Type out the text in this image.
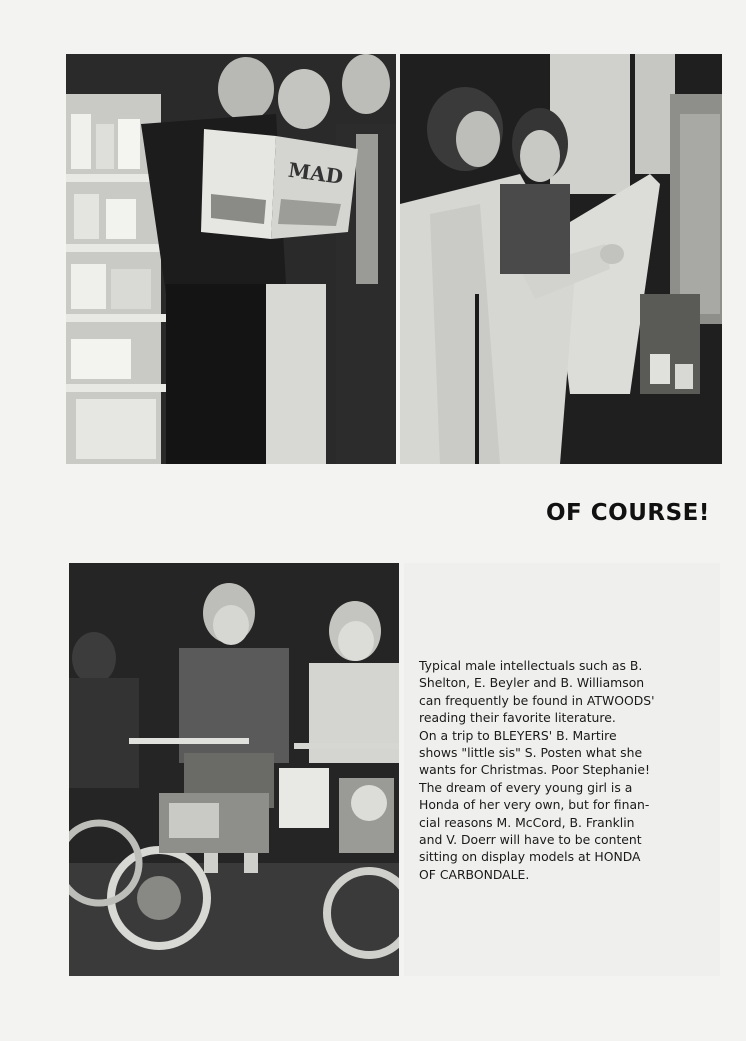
MAD
OF COURSE!

Typical male intellectuals such as B.
Shelton, E. Beyler and B. Williamson
can frequently be found in ATWOODS'
reading their favorite literature.
On a trip to BLEYERS' B. Martire
shows "little sis" S. Posten what she
wants for Christmas. Poor Stephanie!
The dream of every young girl is a
Honda of her very own, but for finan-
cial reasons M. McCord, B. Franklin
and V. Doerr will have to be content
sitting on display models at HONDA
OF CARBONDALE.
